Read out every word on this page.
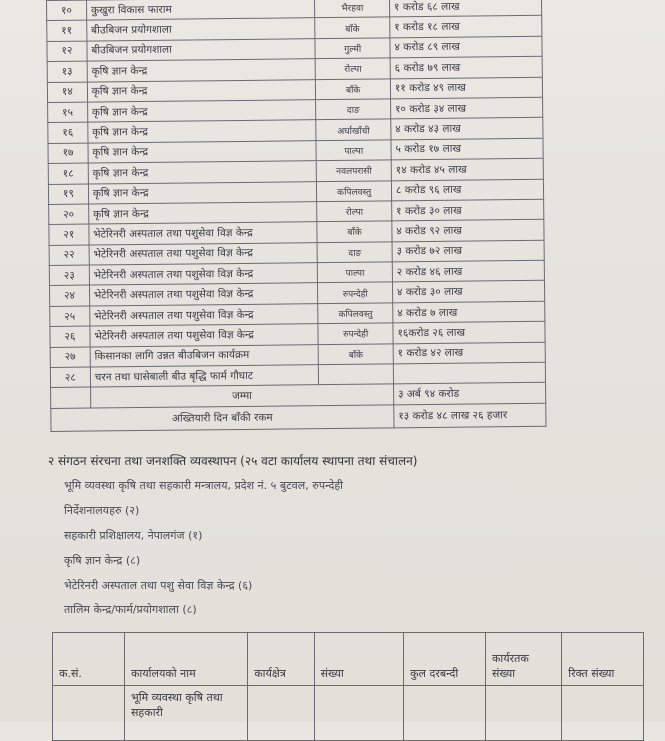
१०	कुखुरा विकास फाराम	भैरहवा	१ करोड ६८ लाख
११	बीउबिजन प्रयोगशाला	बाँके	१ करोड १८ लाख
१२	बीउबिजन प्रयोगशाला	गुल्मी	४ करोड ८९ लाख
१३	कृषि ज्ञान केन्द्र	रोल्पा	६ करोड ७९ लाख
१४	कृषि ज्ञान केन्द्र	बाँके	११ करोड ४९ लाख
१५	कृषि ज्ञान केन्द्र	दाङ	१० करोड ३४ लाख
१६	कृषि ज्ञान केन्द्र	अर्घाखाँची	४ करोड ४३ लाख
१७	कृषि ज्ञान केन्द्र	पाल्पा	५ करोड १७ लाख
१८	कृषि ज्ञान केन्द्र	नवलपरासी	१४ करोड ४५ लाख
१९	कृषि ज्ञान केन्द्र	कपिलवस्तु	८ करोड ९६ लाख
२०	कृषि ज्ञान केन्द्र	रोल्पा	१ करोड ३० लाख
२१	भेटेरिनरी अस्पताल तथा पशुसेवा विज्ञ केन्द्र	बाँके	४ करोड ९२ लाख
२२	भेटेरिनरी अस्पताल तथा पशुसेवा विज्ञ केन्द्र	दाङ	३ करोड ७२ लाख
२३	भेटेरिनरी अस्पताल तथा पशुसेवा विज्ञ केन्द्र	पाल्पा	२ करोड ४६ लाख
२४	भेटेरिनरी अस्पताल तथा पशुसेवा विज्ञ केन्द्र	रुपन्देही	४ करोड ३० लाख
२५	भेटेरिनरी अस्पताल तथा पशुसेवा विज्ञ केन्द्र	कपिलवस्तु	४ करोड ७ लाख
२६	भेटेरिनरी अस्पताल तथा पशुसेवा विज्ञ केन्द्र	रुपन्देही	१६करोड २६ लाख
२७	किसानका लागि उन्नत बीउबिजन कार्यक्रम	बाँके	१ करोड ४२ लाख
२८	चरन तथा घासेबाली बीउ बृद्धि फार्म गौघाट		
	जम्मा		३ अर्ब ९४ करोड
अख्तियारी दिन बाँकी रकम			१३ करोड ४८ लाख २६ हजार
२ संगठन संरचना तथा जनशक्ति व्यवस्थापन (२५ वटा कार्यालय स्थापना तथा संचालन)
भूमि व्यवस्था कृषि तथा सहकारी मन्त्रालय, प्रदेश नं. ५ बुटवल, रुपन्देही
निर्देशनालयहरु (२)
सहकारी प्रशिक्षालय, नेपालगंज (१)
कृषि ज्ञान केन्द्र (८)
भेटेरिनरी अस्पताल तथा पशु सेवा विज्ञ केन्द्र (६)
तालिम केन्द्र/फार्म/प्रयोगशाला (८)
क.सं.	कार्यालयको नाम	कार्यक्षेत्र	संख्या	कुल दरबन्दी	कार्यरतक संख्या	रिक्त संख्या
	भूमि व्यवस्था कृषि तथा सहकारी					
